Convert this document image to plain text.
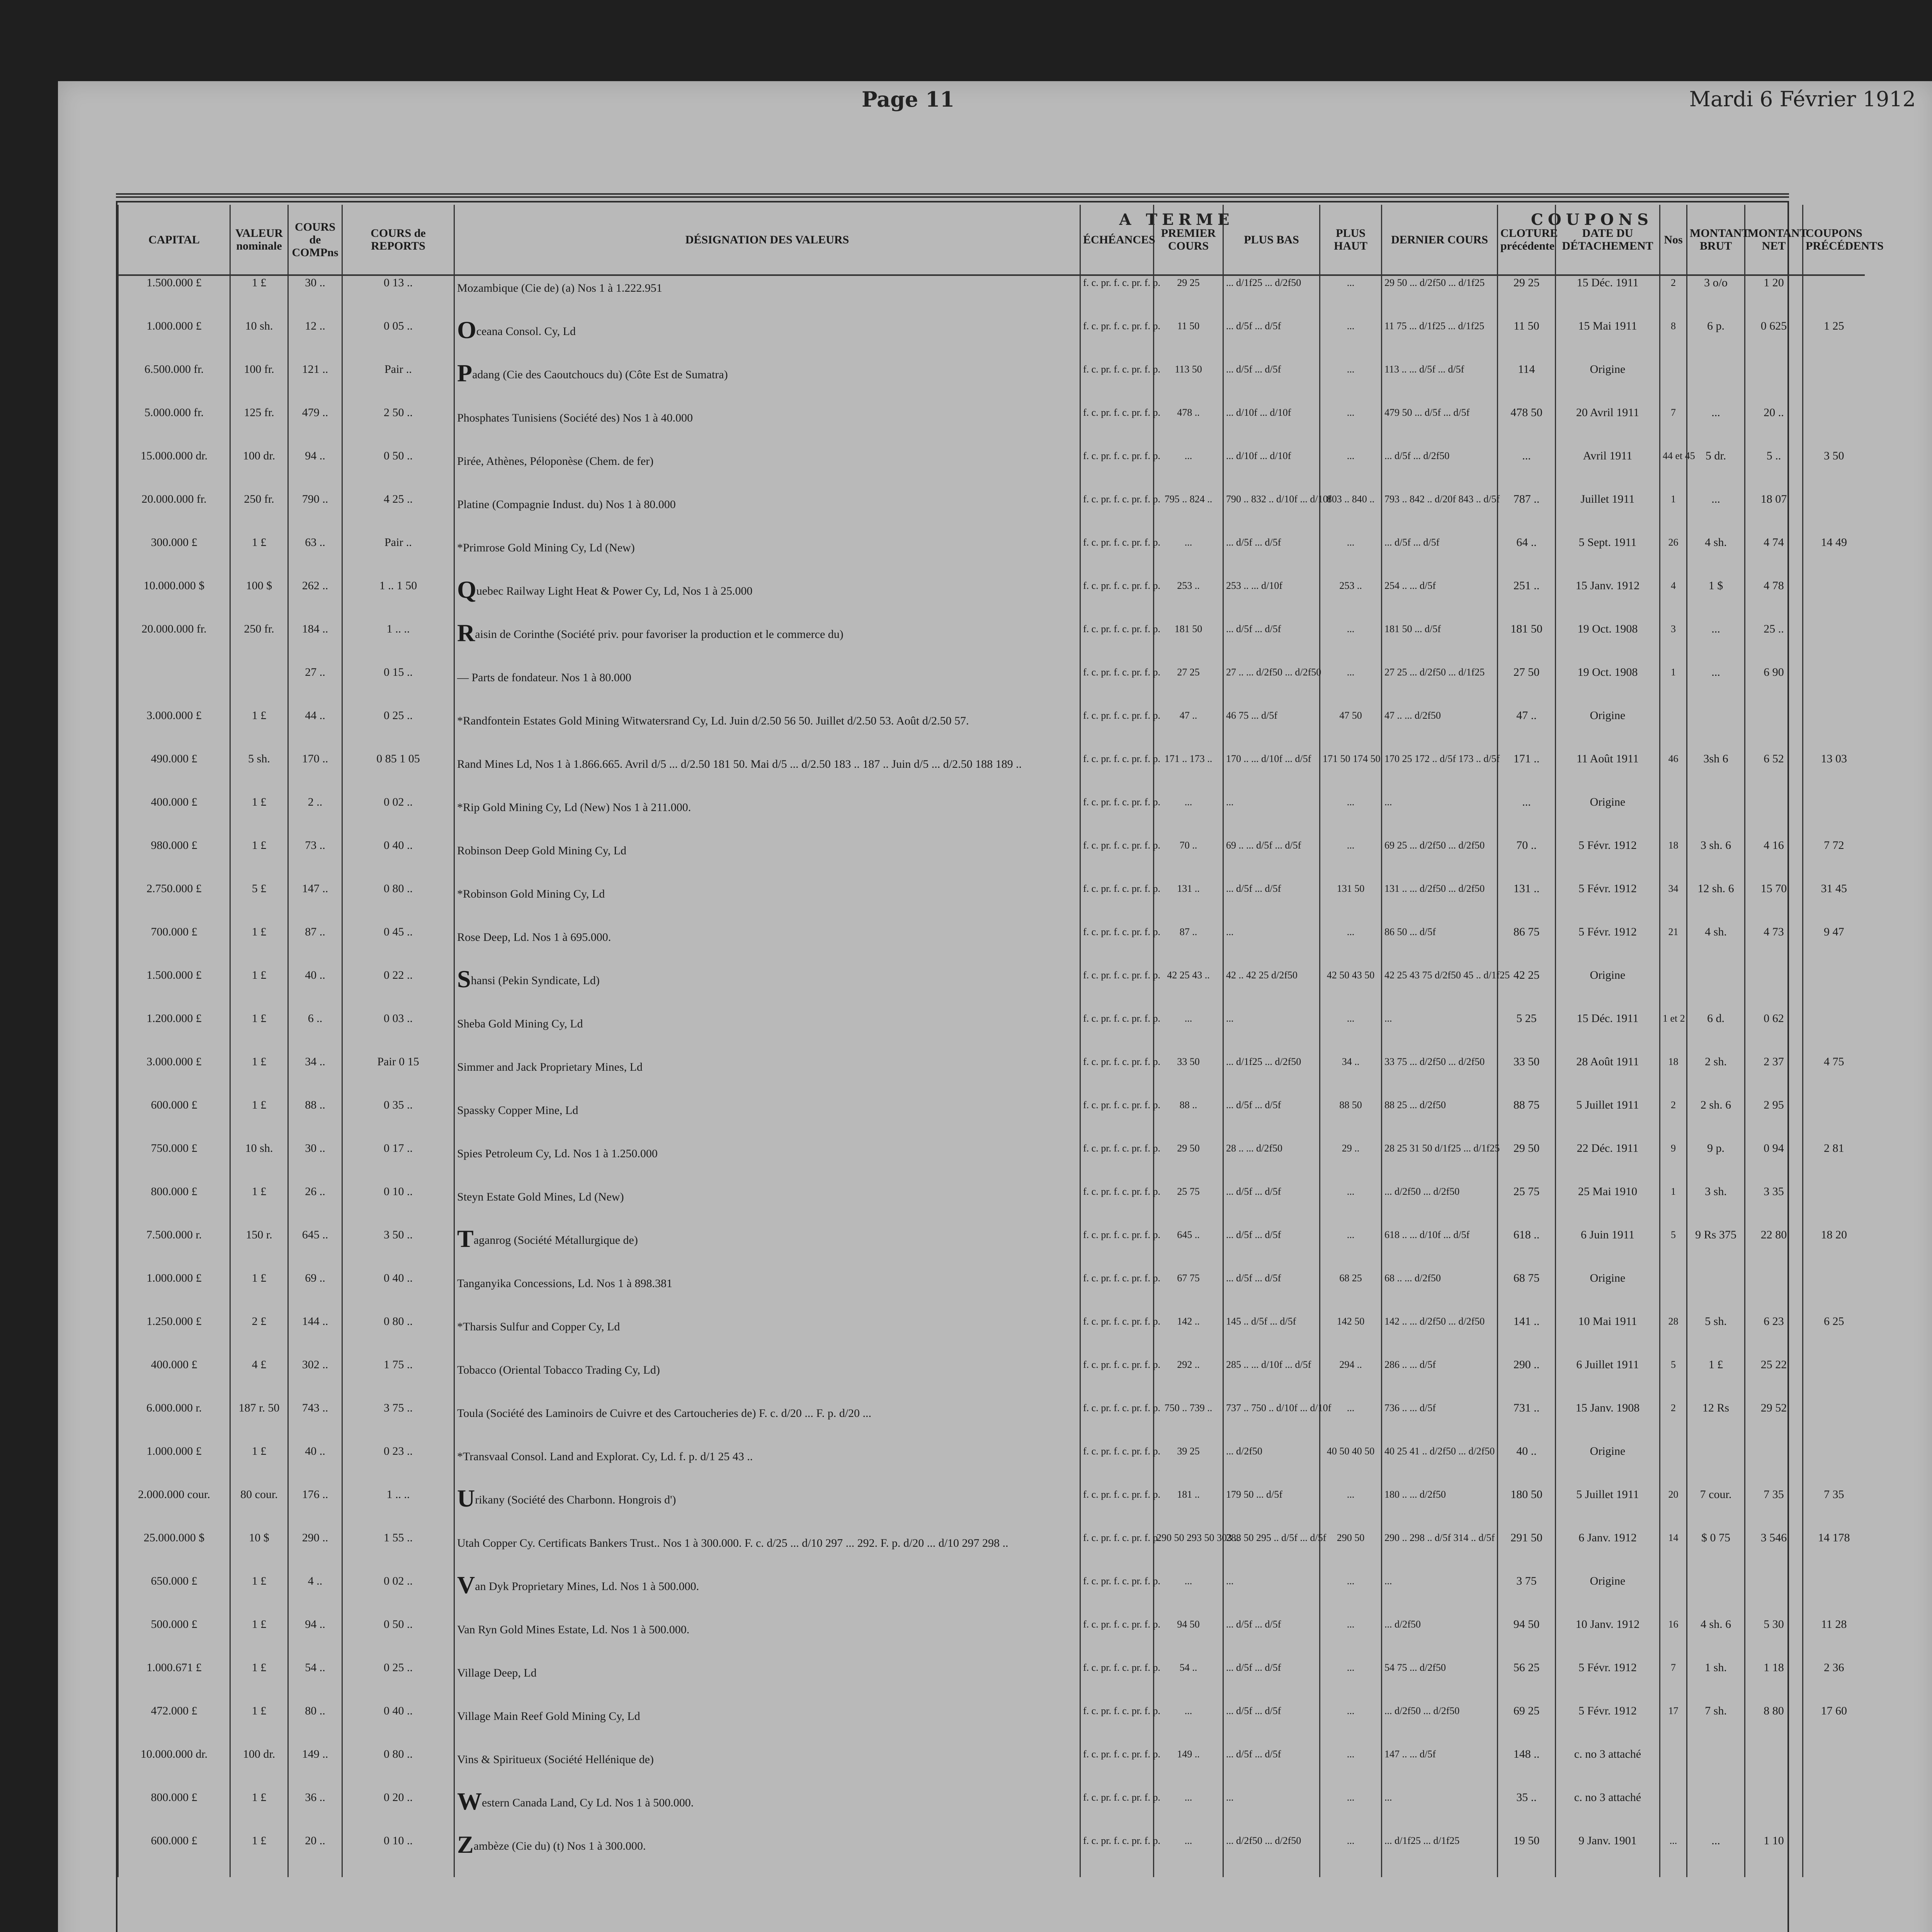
Page 11	Mardi 6 Février 1912
A TERME	COUPONS
CAPITAL	VALEUR nominale	COURS de COMPns	COURS de REPORTS	DÉSIGNATION DES VALEURS	ÉCHÉANCES	PREMIER COURS	PLUS BAS	PLUS HAUT	DERNIER COURS	CLOTURE précédente	DATE DU DÉTACHEMENT	Nos	MONTANT BRUT	MONTANT NET	COUPONS PRÉCÉDENTS
1.500.000 £	1 £	30 ..	0 13 ..	Mozambique (Cie de) (a) Nos 1 à 1.222.951	f. c. pr. f. c. pr. f. p.	29 25	... d/1f25 ... d/2f50	...	29 50 ... d/2f50 ... d/1f25	29 25	15 Déc. 1911	2	3 o/o	1 20	
1.000.000 £	10 sh.	12 ..	0 05 ..	Oceana Consol. Cy, Ld	f. c. pr. f. c. pr. f. p.	11 50	... d/5f ... d/5f	...	11 75 ... d/1f25 ... d/1f25	11 50	15 Mai 1911	8	6 p.	0 625	1 25
6.500.000 fr.	100 fr.	121 ..	Pair ..	Padang (Cie des Caoutchoucs du) (Côte Est de Sumatra)	f. c. pr. f. c. pr. f. p.	113 50	... d/5f ... d/5f	...	113 .. ... d/5f ... d/5f	114	Origine				
5.000.000 fr.	125 fr.	479 ..	2 50 ..	Phosphates Tunisiens (Société des) Nos 1 à 40.000	f. c. pr. f. c. pr. f. p.	478 ..	... d/10f ... d/10f	...	479 50 ... d/5f ... d/5f	478 50	20 Avril 1911	7	...	20 ..	
15.000.000 dr.	100 dr.	94 ..	0 50 ..	Pirée, Athènes, Péloponèse (Chem. de fer)	f. c. pr. f. c. pr. f. p.	...	... d/10f ... d/10f	...	... d/5f ... d/2f50	...	Avril 1911	44 et 45	5 dr.	5 ..	3 50
20.000.000 fr.	250 fr.	790 ..	4 25 ..	Platine (Compagnie Indust. du) Nos 1 à 80.000	f. c. pr. f. c. pr. f. p.	795 .. 824 ..	790 .. 832 .. d/10f ... d/10f	803 .. 840 ..	793 .. 842 .. d/20f 843 .. d/5f	787 ..	Juillet 1911	1	...	18 07	
300.000 £	1 £	63 ..	Pair ..	*Primrose Gold Mining Cy, Ld (New)	f. c. pr. f. c. pr. f. p.	...	... d/5f ... d/5f	...	... d/5f ... d/5f	64 ..	5 Sept. 1911	26	4 sh.	4 74	14 49
10.000.000 $	100 $	262 ..	1 .. 1 50	Quebec Railway Light Heat & Power Cy, Ld, Nos 1 à 25.000	f. c. pr. f. c. pr. f. p.	253 ..	253 .. ... d/10f	253 ..	254 .. ... d/5f	251 ..	15 Janv. 1912	4	1 $	4 78	
20.000.000 fr.	250 fr.	184 ..	1 .. ..	Raisin de Corinthe (Société priv. pour favoriser la production et le commerce du)	f. c. pr. f. c. pr. f. p.	181 50	... d/5f ... d/5f	...	181 50 ... d/5f	181 50	19 Oct. 1908	3	...	25 ..	
		27 ..	0 15 ..	— Parts de fondateur. Nos 1 à 80.000	f. c. pr. f. c. pr. f. p.	27 25	27 .. ... d/2f50 ... d/2f50	...	27 25 ... d/2f50 ... d/1f25	27 50	19 Oct. 1908	1	...	6 90	
3.000.000 £	1 £	44 ..	0 25 ..	*Randfontein Estates Gold Mining Witwatersrand Cy, Ld. Juin d/2.50 56 50. Juillet d/2.50 53. Août d/2.50 57.	f. c. pr. f. c. pr. f. p.	47 ..	46 75 ... d/5f	47 50	47 .. ... d/2f50	47 ..	Origine				
490.000 £	5 sh.	170 ..	0 85 1 05	Rand Mines Ld, Nos 1 à 1.866.665. Avril d/5 ... d/2.50 181 50. Mai d/5 ... d/2.50 183 .. 187 .. Juin d/5 ... d/2.50 188 189 ..	f. c. pr. f. c. pr. f. p.	171 .. 173 ..	170 .. ... d/10f ... d/5f	171 50 174 50	170 25 172 .. d/5f 173 .. d/5f	171 ..	11 Août 1911	46	3sh 6	6 52	13 03
400.000 £	1 £	2 ..	0 02 ..	*Rip Gold Mining Cy, Ld (New) Nos 1 à 211.000.	f. c. pr. f. c. pr. f. p.	...	...	...	...	...	Origine				
980.000 £	1 £	73 ..	0 40 ..	Robinson Deep Gold Mining Cy, Ld	f. c. pr. f. c. pr. f. p.	70 ..	69 .. ... d/5f ... d/5f	...	69 25 ... d/2f50 ... d/2f50	70 ..	5 Févr. 1912	18	3 sh. 6	4 16	7 72
2.750.000 £	5 £	147 ..	0 80 ..	*Robinson Gold Mining Cy, Ld	f. c. pr. f. c. pr. f. p.	131 ..	... d/5f ... d/5f	131 50	131 .. ... d/2f50 ... d/2f50	131 ..	5 Févr. 1912	34	12 sh. 6	15 70	31 45
700.000 £	1 £	87 ..	0 45 ..	Rose Deep, Ld. Nos 1 à 695.000.	f. c. pr. f. c. pr. f. p.	87 ..	...	...	86 50 ... d/5f	86 75	5 Févr. 1912	21	4 sh.	4 73	9 47
1.500.000 £	1 £	40 ..	0 22 ..	Shansi (Pekin Syndicate, Ld)	f. c. pr. f. c. pr. f. p.	42 25 43 ..	42 .. 42 25 d/2f50	42 50 43 50	42 25 43 75 d/2f50 45 .. d/1f25	42 25	Origine				
1.200.000 £	1 £	6 ..	0 03 ..	Sheba Gold Mining Cy, Ld	f. c. pr. f. c. pr. f. p.	...	...	...	...	5 25	15 Déc. 1911	1 et 2	6 d.	0 62	
3.000.000 £	1 £	34 ..	Pair 0 15	Simmer and Jack Proprietary Mines, Ld	f. c. pr. f. c. pr. f. p.	33 50	... d/1f25 ... d/2f50	34 ..	33 75 ... d/2f50 ... d/2f50	33 50	28 Août 1911	18	2 sh.	2 37	4 75
600.000 £	1 £	88 ..	0 35 ..	Spassky Copper Mine, Ld	f. c. pr. f. c. pr. f. p.	88 ..	... d/5f ... d/5f	88 50	88 25 ... d/2f50	88 75	5 Juillet 1911	2	2 sh. 6	2 95	
750.000 £	10 sh.	30 ..	0 17 ..	Spies Petroleum Cy, Ld. Nos 1 à 1.250.000	f. c. pr. f. c. pr. f. p.	29 50	28 .. ... d/2f50	29 ..	28 25 31 50 d/1f25 ... d/1f25	29 50	22 Déc. 1911	9	9 p.	0 94	2 81
800.000 £	1 £	26 ..	0 10 ..	Steyn Estate Gold Mines, Ld (New)	f. c. pr. f. c. pr. f. p.	25 75	... d/5f ... d/5f	...	... d/2f50 ... d/2f50	25 75	25 Mai 1910	1	3 sh.	3 35	
7.500.000 r.	150 r.	645 ..	3 50 ..	Taganrog (Société Métallurgique de)	f. c. pr. f. c. pr. f. p.	645 ..	... d/5f ... d/5f	...	618 .. ... d/10f ... d/5f	618 ..	6 Juin 1911	5	9 Rs 375	22 80	18 20
1.000.000 £	1 £	69 ..	0 40 ..	Tanganyika Concessions, Ld. Nos 1 à 898.381	f. c. pr. f. c. pr. f. p.	67 75	... d/5f ... d/5f	68 25	68 .. ... d/2f50	68 75	Origine				
1.250.000 £	2 £	144 ..	0 80 ..	*Tharsis Sulfur and Copper Cy, Ld	f. c. pr. f. c. pr. f. p.	142 ..	145 .. d/5f ... d/5f	142 50	142 .. ... d/2f50 ... d/2f50	141 ..	10 Mai 1911	28	5 sh.	6 23	6 25
400.000 £	4 £	302 ..	1 75 ..	Tobacco (Oriental Tobacco Trading Cy, Ld)	f. c. pr. f. c. pr. f. p.	292 ..	285 .. ... d/10f ... d/5f	294 ..	286 .. ... d/5f	290 ..	6 Juillet 1911	5	1 £	25 22	
6.000.000 r.	187 r. 50	743 ..	3 75 ..	Toula (Société des Laminoirs de Cuivre et des Cartoucheries de) F. c. d/20 ... F. p. d/20 ...	f. c. pr. f. c. pr. f. p.	750 .. 739 ..	737 .. 750 .. d/10f ... d/10f	...	736 .. ... d/5f	731 ..	15 Janv. 1908	2	12 Rs	29 52	
1.000.000 £	1 £	40 ..	0 23 ..	*Transvaal Consol. Land and Explorat. Cy, Ld. f. p. d/1 25 43 ..	f. c. pr. f. c. pr. f. p.	39 25	... d/2f50	40 50 40 50	40 25 41 .. d/2f50 ... d/2f50	40 ..	Origine				
2.000.000 cour.	80 cour.	176 ..	1 .. ..	Urikany (Société des Charbonn. Hongrois d')	f. c. pr. f. c. pr. f. p.	181 ..	179 50 ... d/5f	...	180 .. ... d/2f50	180 50	5 Juillet 1911	20	7 cour.	7 35	7 35
25.000.000 $	10 $	290 ..	1 55 ..	Utah Copper Cy. Certificats Bankers Trust.. Nos 1 à 300.000. F. c. d/25 ... d/10 297 ... 292. F. p. d/20 ... d/10 297 298 ..	f. c. pr. f. c. pr. f. p.	290 50 293 50 303 ..	288 50 295 .. d/5f ... d/5f	290 50	290 .. 298 .. d/5f 314 .. d/5f	291 50	6 Janv. 1912	14	$ 0 75	3 546	14 178
650.000 £	1 £	4 ..	0 02 ..	Van Dyk Proprietary Mines, Ld. Nos 1 à 500.000.	f. c. pr. f. c. pr. f. p.	...	...	...	...	3 75	Origine				
500.000 £	1 £	94 ..	0 50 ..	Van Ryn Gold Mines Estate, Ld. Nos 1 à 500.000.	f. c. pr. f. c. pr. f. p.	94 50	... d/5f ... d/5f	...	... d/2f50	94 50	10 Janv. 1912	16	4 sh. 6	5 30	11 28
1.000.671 £	1 £	54 ..	0 25 ..	Village Deep, Ld	f. c. pr. f. c. pr. f. p.	54 ..	... d/5f ... d/5f	...	54 75 ... d/2f50	56 25	5 Févr. 1912	7	1 sh.	1 18	2 36
472.000 £	1 £	80 ..	0 40 ..	Village Main Reef Gold Mining Cy, Ld	f. c. pr. f. c. pr. f. p.	...	... d/5f ... d/5f	...	... d/2f50 ... d/2f50	69 25	5 Févr. 1912	17	7 sh.	8 80	17 60
10.000.000 dr.	100 dr.	149 ..	0 80 ..	Vins & Spiritueux (Société Hellénique de)	f. c. pr. f. c. pr. f. p.	149 ..	... d/5f ... d/5f	...	147 .. ... d/5f	148 ..	c. no 3 attaché				
800.000 £	1 £	36 ..	0 20 ..	Western Canada Land, Cy Ld. Nos 1 à 500.000.	f. c. pr. f. c. pr. f. p.	...	...	...	...	35 ..	c. no 3 attaché				
600.000 £	1 £	20 ..	0 10 ..	Zambèze (Cie du) (t) Nos 1 à 300.000.	f. c. pr. f. c. pr. f. p.	...	... d/2f50 ... d/2f50	...	... d/1f25 ... d/1f25	19 50	9 Janv. 1901	...	...	1 10	
